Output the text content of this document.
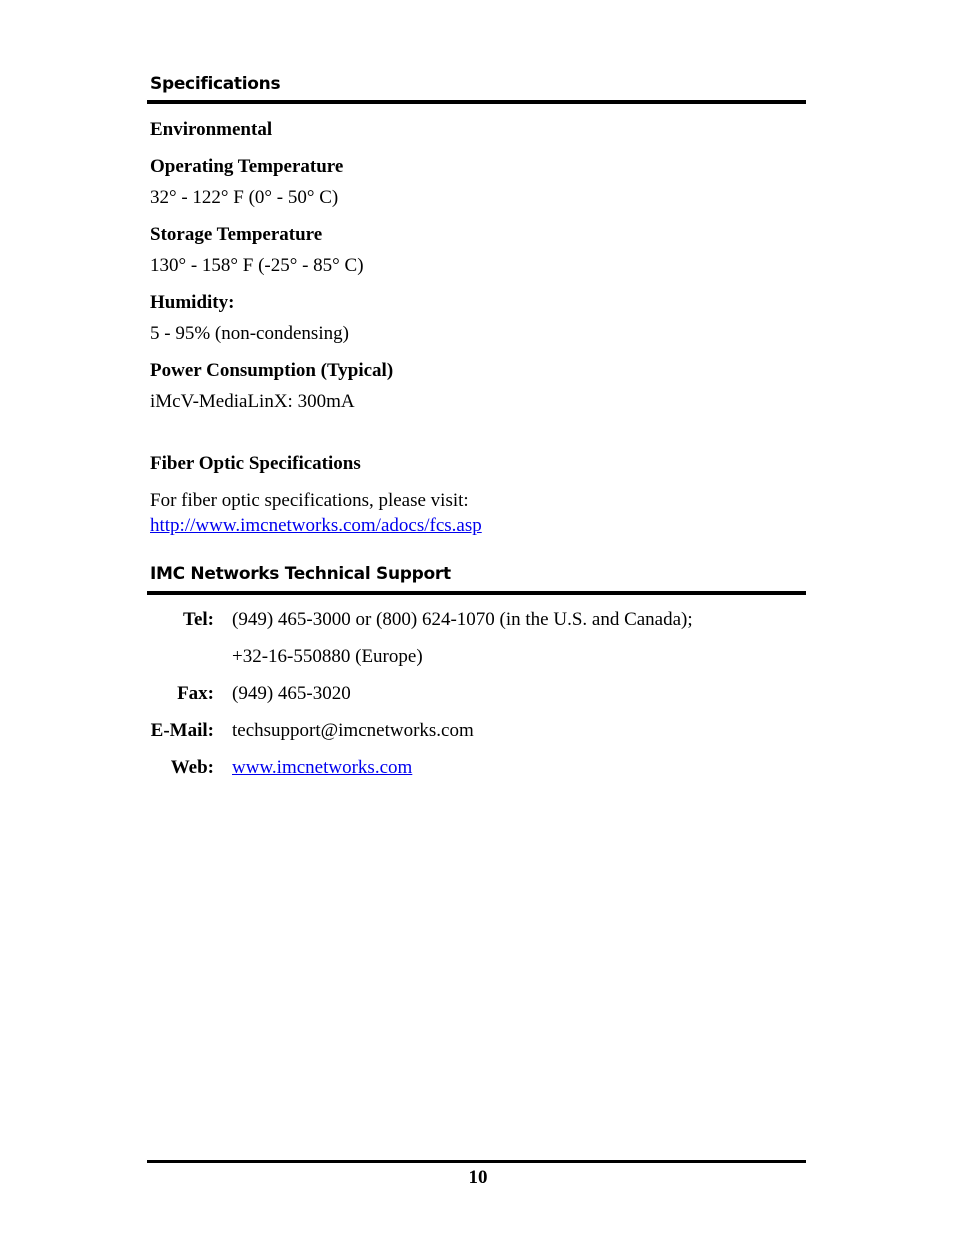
Specifications
Environmental
Operating Temperature
32° - 122° F (0° - 50° C)
Storage Temperature
130° - 158° F (-25° - 85° C)
Humidity:
5 - 95% (non-condensing)
Power Consumption (Typical)
iMcV-MediaLinX: 300mA
Fiber Optic Specifications
For fiber optic specifications, please visit:
http://www.imcnetworks.com/adocs/fcs.asp
IMC Networks Technical Support
Tel: (949) 465-3000 or (800) 624-1070 (in the U.S. and Canada);
+32-16-550880 (Europe)
Fax: (949) 465-3020
E-Mail: techsupport@imcnetworks.com
Web: www.imcnetworks.com
10
